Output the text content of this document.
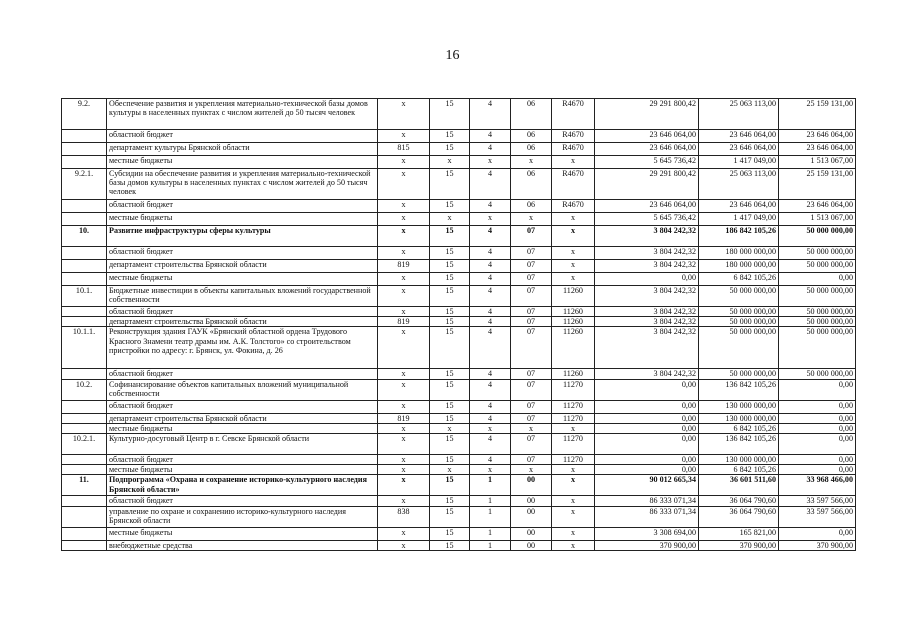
16
9.2.	Обеспечение развития и укрепления материально-технической базы домов культуры в населенных пунктах с числом жителей до 50 тысяч человек	х	15	4	06	R4670	29 291 800,42	25 063 113,00	25 159 131,00
	областной бюджет	х	15	4	06	R4670	23 646 064,00	23 646 064,00	23 646 064,00
	департамент культуры Брянской области	815	15	4	06	R4670	23 646 064,00	23 646 064,00	23 646 064,00
	местные бюджеты	х	х	х	х	х	5 645 736,42	1 417 049,00	1 513 067,00
9.2.1.	Субсидии на обеспечение развития и укрепления материально-технической базы домов культуры в населенных пунктах с числом жителей до 50 тысяч человек	х	15	4	06	R4670	29 291 800,42	25 063 113,00	25 159 131,00
	областной бюджет	х	15	4	06	R4670	23 646 064,00	23 646 064,00	23 646 064,00
	местные бюджеты	х	х	х	х	х	5 645 736,42	1 417 049,00	1 513 067,00
10.	Развитие инфраструктуры сферы культуры	х	15	4	07	х	3 804 242,32	186 842 105,26	50 000 000,00
	областной бюджет	х	15	4	07	х	3 804 242,32	180 000 000,00	50 000 000,00
	департамент строительства Брянской области	819	15	4	07	х	3 804 242,32	180 000 000,00	50 000 000,00
	местные бюджеты	х	15	4	07	х	0,00	6 842 105,26	0,00
10.1.	Бюджетные инвестиции в объекты капитальных вложений государственной собственности	х	15	4	07	11260	3 804 242,32	50 000 000,00	50 000 000,00
	областной бюджет	х	15	4	07	11260	3 804 242,32	50 000 000,00	50 000 000,00
	департамент строительства Брянской области	819	15	4	07	11260	3 804 242,32	50 000 000,00	50 000 000,00
10.1.1.	Реконструкция здания ГАУК «Брянский областной ордена Трудового Красного Знамени театр драмы им. А.К. Толстого» со строительством пристройки по адресу: г. Брянск, ул. Фокина, д. 26	х	15	4	07	11260	3 804 242,32	50 000 000,00	50 000 000,00
	областной бюджет	х	15	4	07	11260	3 804 242,32	50 000 000,00	50 000 000,00
10.2.	Софинансирование объектов капитальных вложений муниципальной собственности	х	15	4	07	11270	0,00	136 842 105,26	0,00
	областной бюджет	х	15	4	07	11270	0,00	130 000 000,00	0,00
	департамент строительства Брянской области	819	15	4	07	11270	0,00	130 000 000,00	0,00
	местные бюджеты	х	х	х	х	х	0,00	6 842 105,26	0,00
10.2.1.	Культурно-досуговый Центр в г. Севске Брянской области	х	15	4	07	11270	0,00	136 842 105,26	0,00
	областной бюджет	х	15	4	07	11270	0,00	130 000 000,00	0,00
	местные бюджеты	х	х	х	х	х	0,00	6 842 105,26	0,00
11.	Подпрограмма «Охрана и сохранение историко-культурного наследия Брянской области»	х	15	1	00	х	90 012 665,34	36 601 511,60	33 968 466,00
	областной бюджет	х	15	1	00	х	86 333 071,34	36 064 790,60	33 597 566,00
	управление по охране и сохранению историко-культурного наследия Брянской области	838	15	1	00	х	86 333 071,34	36 064 790,60	33 597 566,00
	местные бюджеты	х	15	1	00	х	3 308 694,00	165 821,00	0,00
	внебюджетные средства	х	15	1	00	х	370 900,00	370 900,00	370 900,00
